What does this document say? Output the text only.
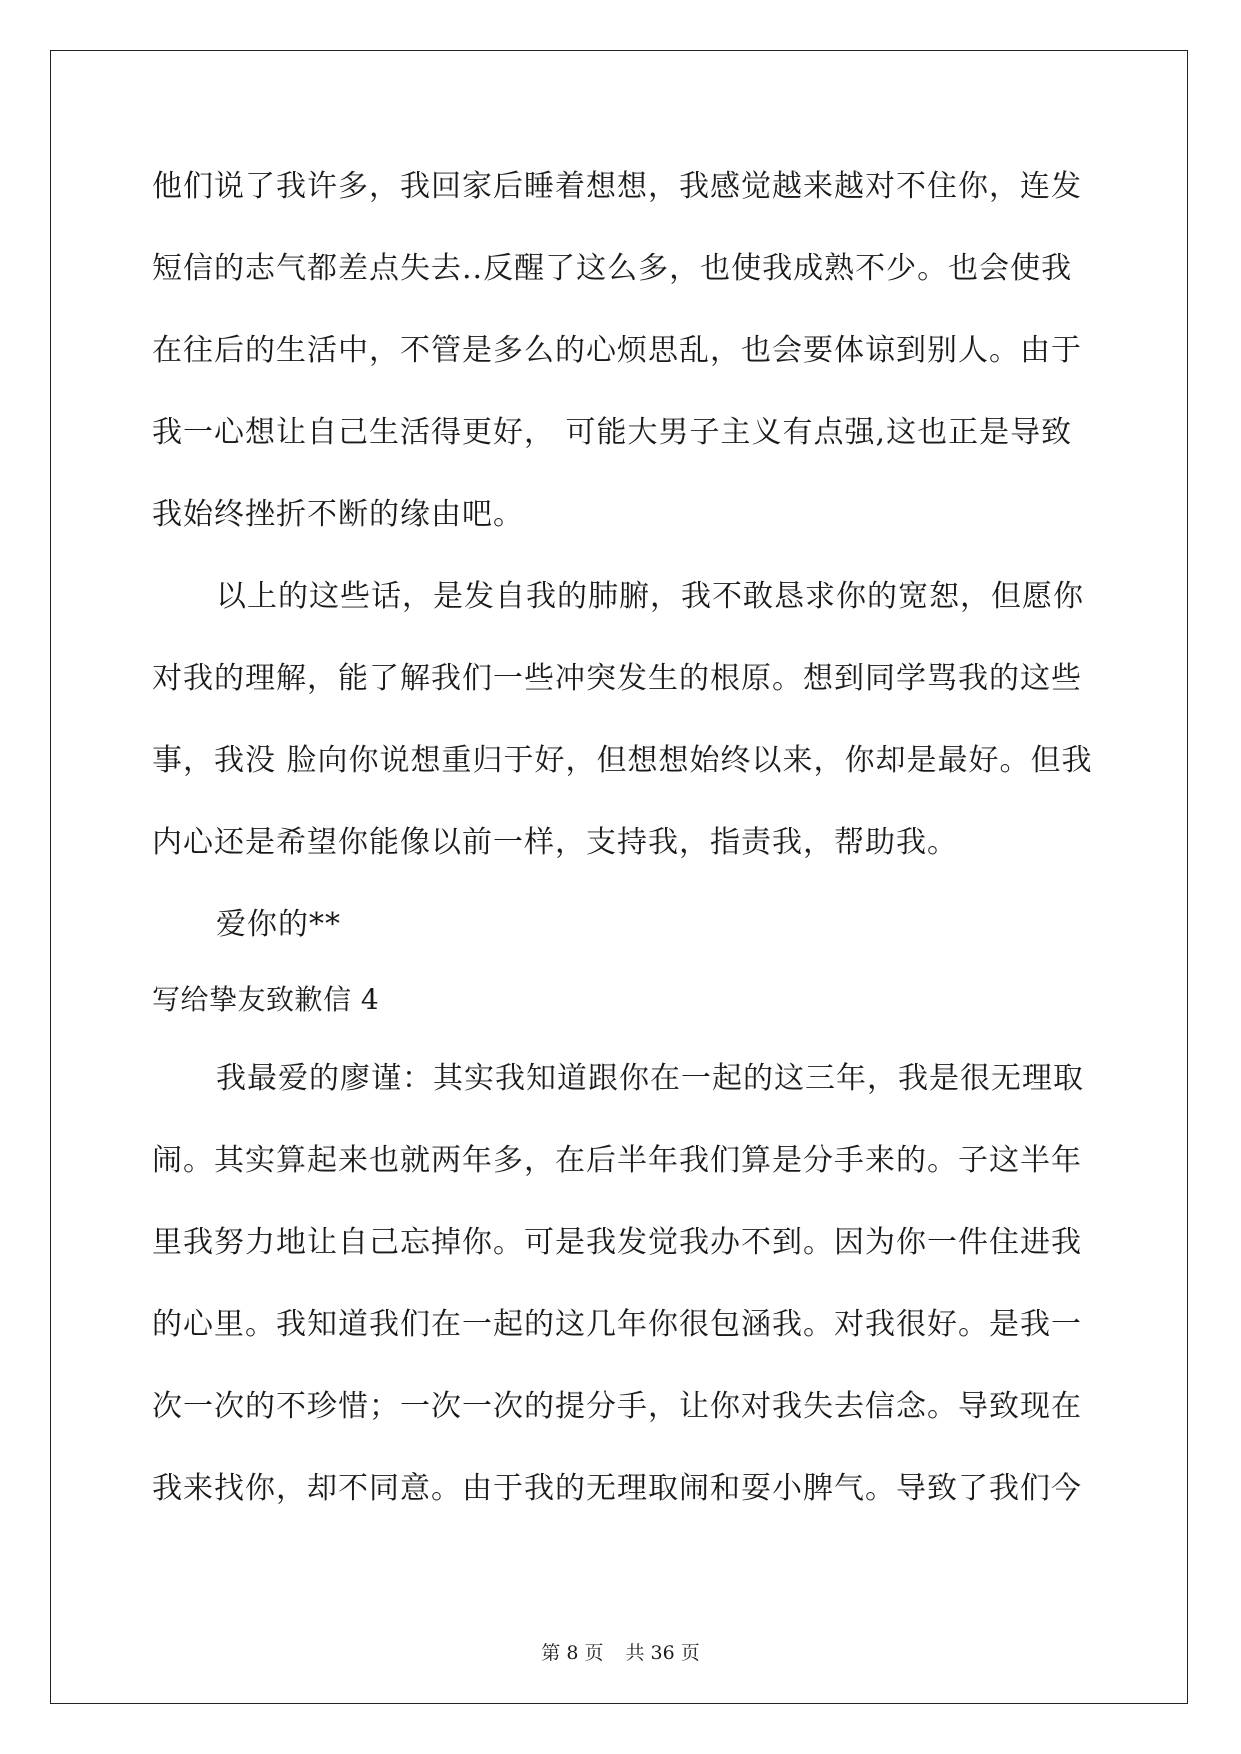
他们说了我许多，我回家后睡着想想，我感觉越来越对不住你，连发
短信的志气都差点失去..反醒了这么多，也使我成熟不少。也会使我
在往后的生活中，不管是多么的心烦思乱，也会要体谅到别人。由于
我一心想让自己生活得更好， 可能大男子主义有点强,这也正是导致
我始终挫折不断的缘由吧。
以上的这些话，是发自我的肺腑，我不敢恳求你的宽恕，但愿你
对我的理解，能了解我们一些冲突发生的根原。想到同学骂我的这些
事，我没 脸向你说想重归于好，但想想始终以来，你却是最好。但我
内心还是希望你能像以前一样，支持我，指责我，帮助我。
爱你的**
写给挚友致歉信 4
我最爱的廖谨：其实我知道跟你在一起的这三年，我是很无理取
闹。其实算起来也就两年多，在后半年我们算是分手来的。子这半年
里我努力地让自己忘掉你。可是我发觉我办不到。因为你一件住进我
的心里。我知道我们在一起的这几年你很包涵我。对我很好。是我一
次一次的不珍惜；一次一次的提分手，让你对我失去信念。导致现在
我来找你，却不同意。由于我的无理取闹和耍小脾气。导致了我们今
第 8 页 共 36 页
